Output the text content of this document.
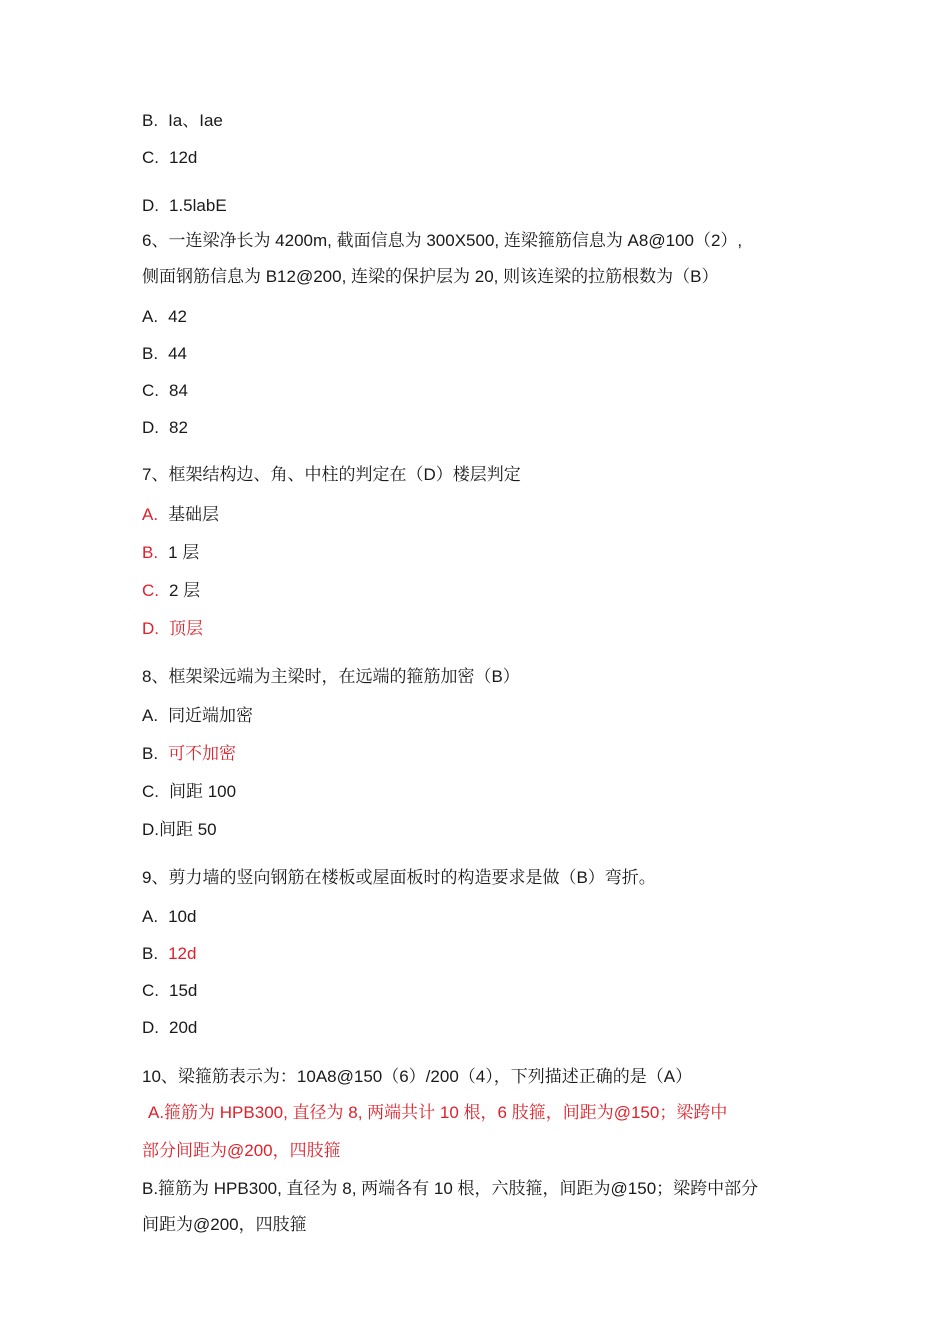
B. Ia、Iae
C. 12d
D. 1.5labE
6、一连梁净长为 4200m, 截面信息为 300X500, 连梁箍筋信息为 A8@100（2）,
侧面钢筋信息为 B12@200, 连梁的保护层为 20, 则该连梁的拉筋根数为（B）
A. 42
B. 44
C. 84
D. 82
7、框架结构边、角、中柱的判定在（D）楼层判定
A. 基础层
B. 1 层
C. 2 层
D. 顶层
8、框架梁远端为主梁时，在远端的箍筋加密（B）
A. 同近端加密
B. 可不加密
C. 间距 100
D.间距 50
9、剪力墙的竖向钢筋在楼板或屋面板时的构造要求是做（B）弯折。
A. 10d
B. 12d
C. 15d
D. 20d
10、梁箍筋表示为：10A8@150（6）/200（4），下列描述正确的是（A）
A.箍筋为 HPB300, 直径为 8, 两端共计 10 根，6 肢箍，间距为@150；梁跨中
部分间距为@200，四肢箍
B.箍筋为 HPB300, 直径为 8, 两端各有 10 根，六肢箍，间距为@150；梁跨中部分
间距为@200，四肢箍
